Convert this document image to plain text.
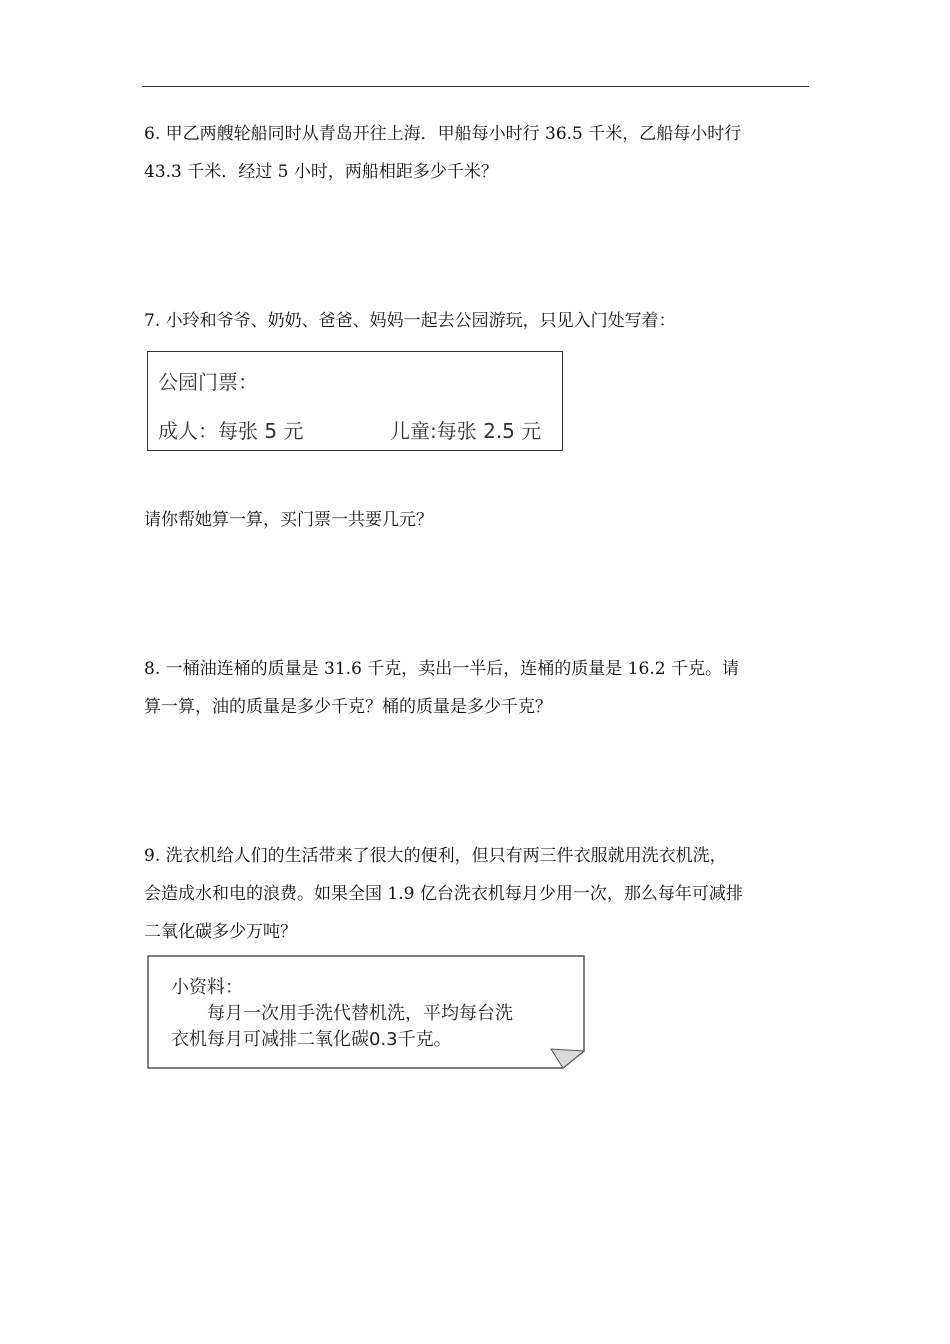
6. 甲乙两艘轮船同时从青岛开往上海．甲船每小时行 36.5 千米，乙船每小时行
43.3 千米．经过 5 小时，两船相距多少千米？
7. 小玲和爷爷、奶奶、爸爸、妈妈一起去公园游玩，只见入门处写着：
公园门票：
成人：每张 5 元	儿童:每张 2.5 元
请你帮她算一算，买门票一共要几元？
8. 一桶油连桶的质量是 31.6 千克，卖出一半后，连桶的质量是 16.2 千克。请
算一算，油的质量是多少千克？桶的质量是多少千克？
9. 洗衣机给人们的生活带来了很大的便利，但只有两三件衣服就用洗衣机洗，
会造成水和电的浪费。如果全国 1.9 亿台洗衣机每月少用一次，那么每年可减排
二氧化碳多少万吨？
小资料：
每月一次用手洗代替机洗，平均每台洗
衣机每月可减排二氧化碳0.3千克。
